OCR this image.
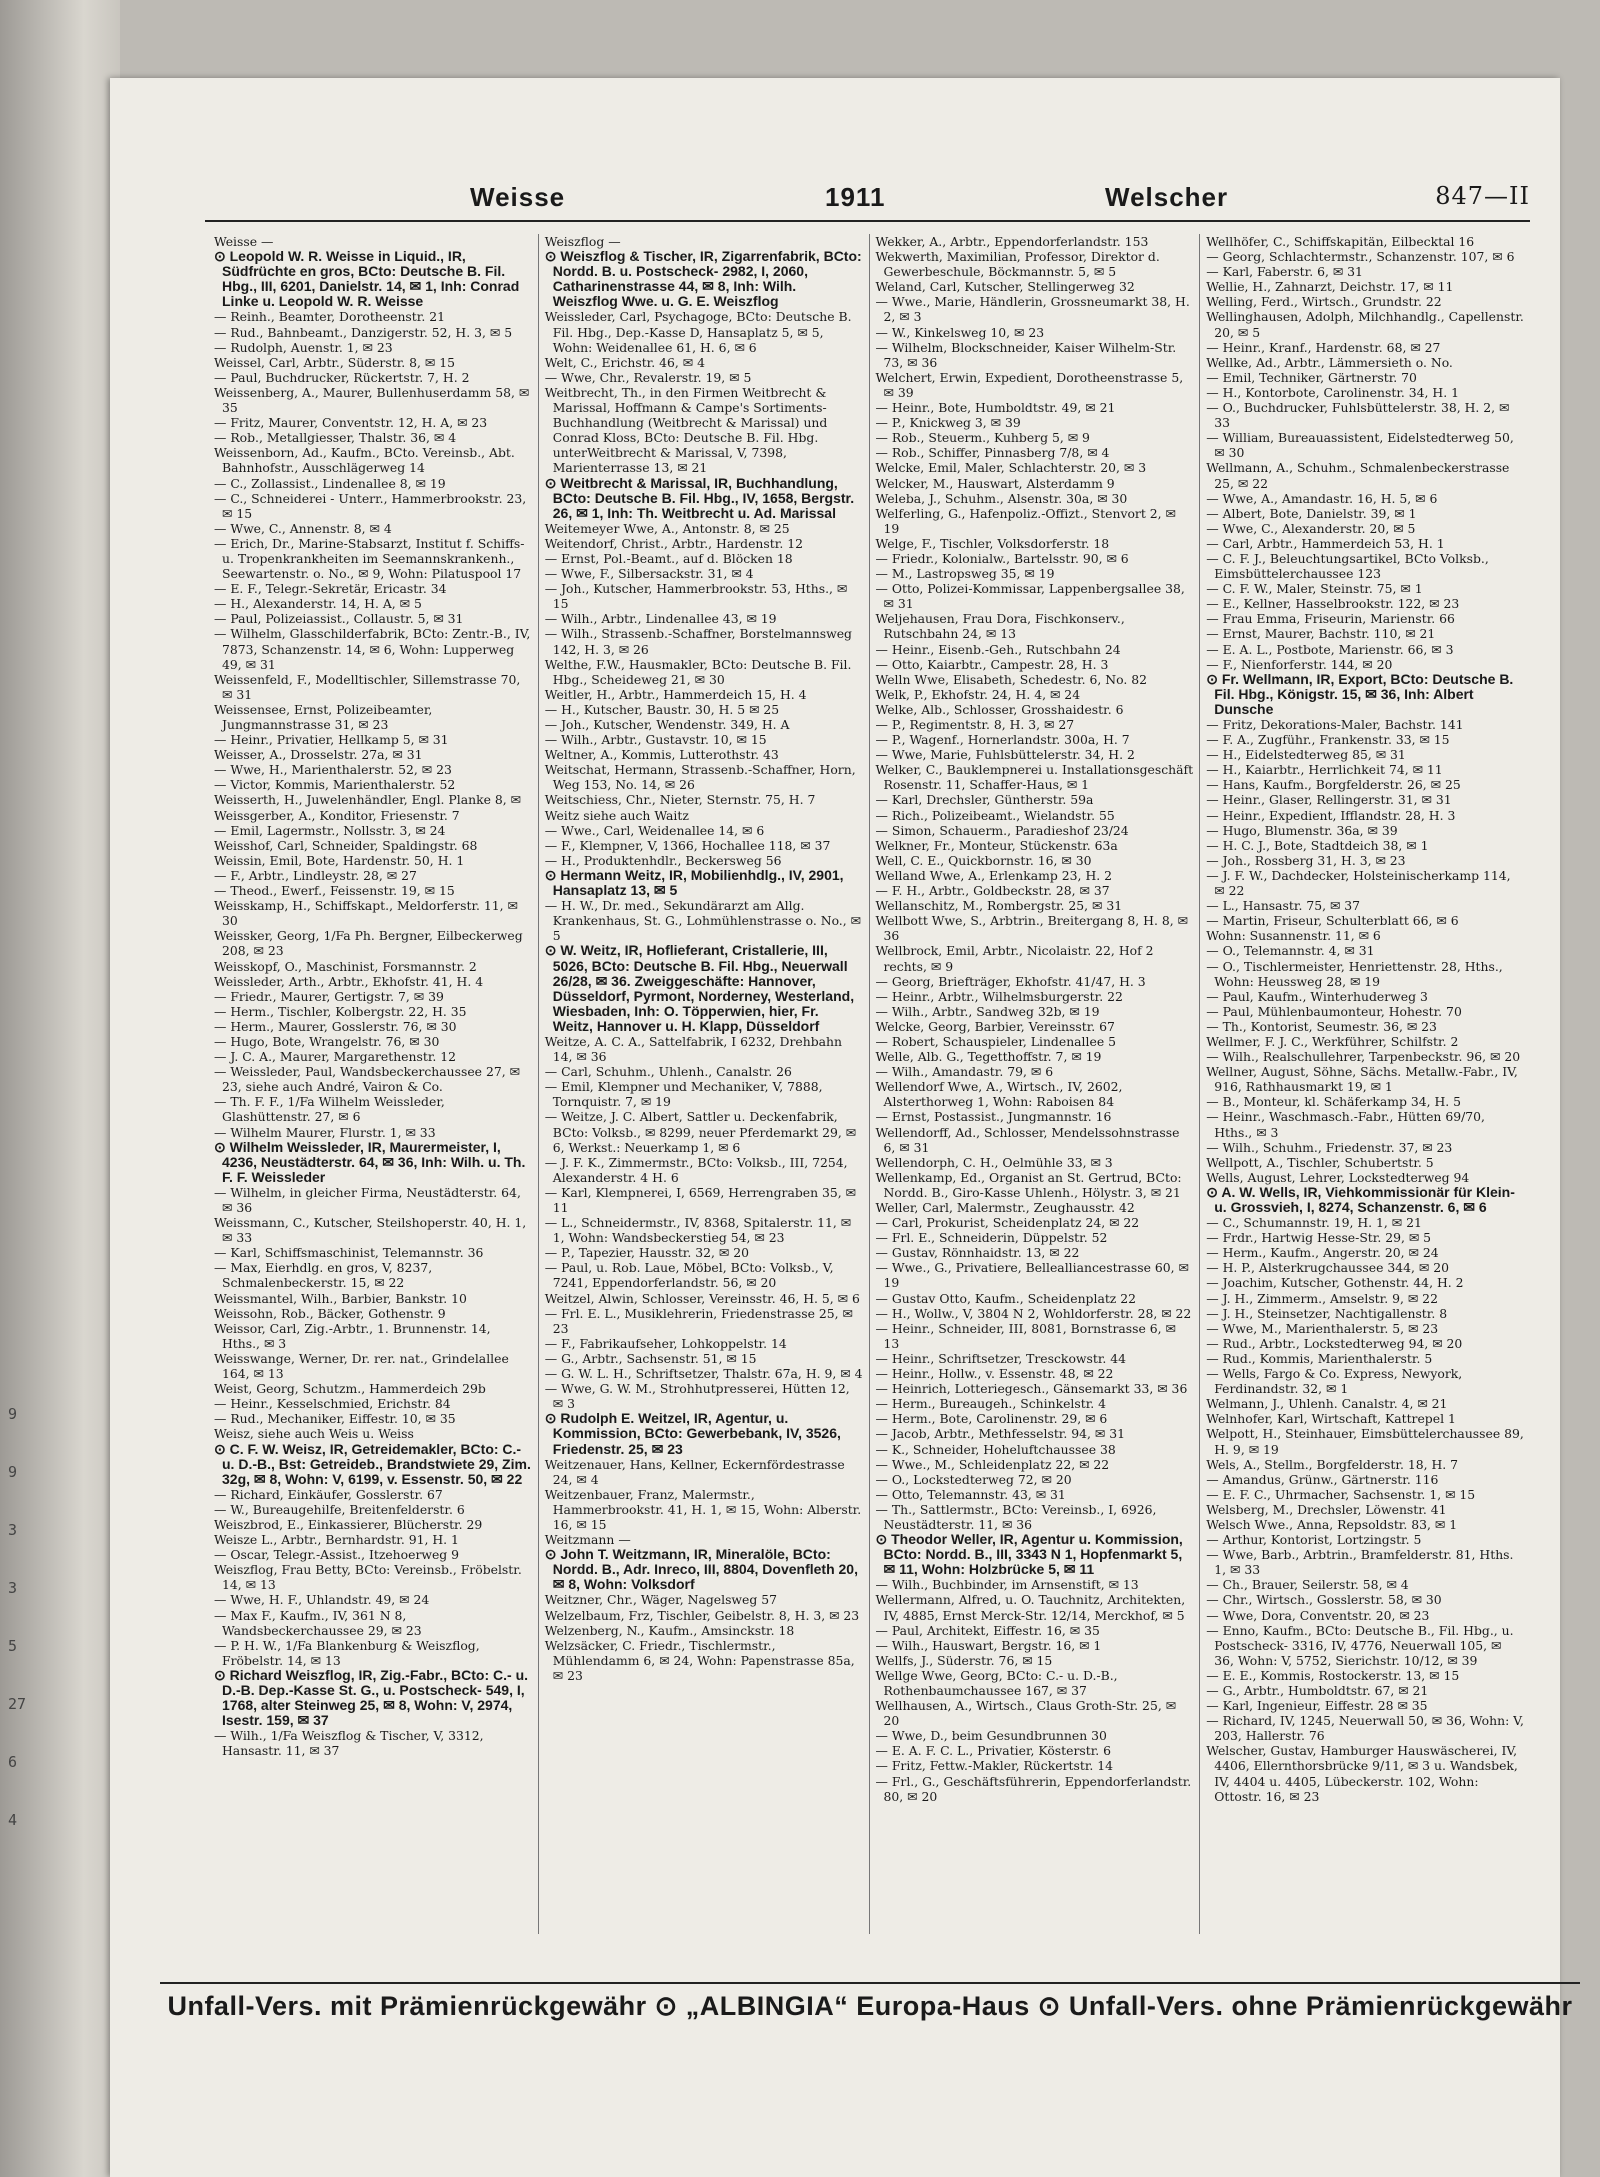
9
9
3
3
5
27
6
4
Weisse	1911	Welscher	847—II

Weisse —

⊙ Leopold W. R. Weisse in Liquid., IR, Südfrüchte en gros, BCto: Deutsche B. Fil. Hbg., III, 6201, Danielstr. 14, ✉ 1, Inh: Conrad Linke u. Leopold W. R. Weisse

— Reinh., Beamter, Dorotheenstr. 21

— Rud., Bahnbeamt., Danzigerstr. 52, H. 3, ✉ 5

— Rudolph, Auenstr. 1, ✉ 23

Weissel, Carl, Arbtr., Süderstr. 8, ✉ 15

— Paul, Buchdrucker, Rückertstr. 7, H. 2

Weissenberg, A., Maurer, Bullenhuserdamm 58, ✉ 35

— Fritz, Maurer, Conventstr. 12, H. A, ✉ 23

— Rob., Metallgiesser, Thalstr. 36, ✉ 4

Weissenborn, Ad., Kaufm., BCto. Vereinsb., Abt. Bahnhofstr., Ausschlägerweg 14

— C., Zollassist., Lindenallee 8, ✉ 19

— C., Schneiderei - Unterr., Hammerbrookstr. 23, ✉ 15

— Wwe, C., Annenstr. 8, ✉ 4

— Erich, Dr., Marine-Stabsarzt, Institut f. Schiffs- u. Tropenkrankheiten im Seemannskrankenh., Seewartenstr. o. No., ✉ 9, Wohn: Pilatuspool 17

— E. F., Telegr.-Sekretär, Ericastr. 34

— H., Alexanderstr. 14, H. A, ✉ 5

— Paul, Polizeiassist., Collaustr. 5, ✉ 31

— Wilhelm, Glasschilderfabrik, BCto: Zentr.-B., IV, 7873, Schanzenstr. 14, ✉ 6, Wohn: Lupperweg 49, ✉ 31

Weissenfeld, F., Modelltischler, Sillemstrasse 70, ✉ 31

Weissensee, Ernst, Polizeibeamter, Jungmannstrasse 31, ✉ 23

— Heinr., Privatier, Hellkamp 5, ✉ 31

Weisser, A., Drosselstr. 27a, ✉ 31

— Wwe, H., Marienthalerstr. 52, ✉ 23

— Victor, Kommis, Marienthalerstr. 52

Weisserth, H., Juwelenhändler, Engl. Planke 8, ✉

Weissgerber, A., Konditor, Friesenstr. 7

— Emil, Lagermstr., Nollsstr. 3, ✉ 24

Weisshof, Carl, Schneider, Spaldingstr. 68

Weissin, Emil, Bote, Hardenstr. 50, H. 1

— F., Arbtr., Lindleystr. 28, ✉ 27

— Theod., Ewerf., Feissenstr. 19, ✉ 15

Weisskamp, H., Schiffskapt., Meldorferstr. 11, ✉ 30

Weissker, Georg, 1/Fa Ph. Bergner, Eilbeckerweg 208, ✉ 23

Weisskopf, O., Maschinist, Forsmannstr. 2

Weissleder, Arth., Arbtr., Ekhofstr. 41, H. 4

— Friedr., Maurer, Gertigstr. 7, ✉ 39

— Herm., Tischler, Kolbergstr. 22, H. 35

— Herm., Maurer, Gosslerstr. 76, ✉ 30

— Hugo, Bote, Wrangelstr. 76, ✉ 30

— J. C. A., Maurer, Margarethenstr. 12

— Weissleder, Paul, Wandsbeckerchaussee 27, ✉ 23, siehe auch André, Vairon & Co.

— Th. F. F., 1/Fa Wilhelm Weissleder, Glashüttenstr. 27, ✉ 6

— Wilhelm Maurer, Flurstr. 1, ✉ 33

⊙ Wilhelm Weissleder, IR, Maurermeister, I, 4236, Neustädterstr. 64, ✉ 36, Inh: Wilh. u. Th. F. F. Weissleder

— Wilhelm, in gleicher Firma, Neustädterstr. 64, ✉ 36

Weissmann, C., Kutscher, Steilshoperstr. 40, H. 1, ✉ 33

— Karl, Schiffsmaschinist, Telemannstr. 36

— Max, Eierhdlg. en gros, V, 8237, Schmalenbeckerstr. 15, ✉ 22

Weissmantel, Wilh., Barbier, Bankstr. 10

Weissohn, Rob., Bäcker, Gothenstr. 9

Weissor, Carl, Zig.-Arbtr., 1. Brunnenstr. 14, Hths., ✉ 3

Weisswange, Werner, Dr. rer. nat., Grindelallee 164, ✉ 13

Weist, Georg, Schutzm., Hammerdeich 29b

— Heinr., Kesselschmied, Erichstr. 84

— Rud., Mechaniker, Eiffestr. 10, ✉ 35

Weisz, siehe auch Weis u. Weiss

⊙ C. F. W. Weisz, IR, Getreidemakler, BCto: C.- u. D.-B., Bst: Getreideb., Brandstwiete 29, Zim. 32g, ✉ 8, Wohn: V, 6199, v. Essenstr. 50, ✉ 22

— Richard, Einkäufer, Gosslerstr. 67

— W., Bureaugehilfe, Breitenfelderstr. 6

Weiszbrod, E., Einkassierer, Blücherstr. 29

Weisze L., Arbtr., Bernhardstr. 91, H. 1

— Oscar, Telegr.-Assist., Itzehoerweg 9

Weiszflog, Frau Betty, BCto: Vereinsb., Fröbelstr. 14, ✉ 13

— Wwe, H. F., Uhlandstr. 49, ✉ 24

— Max F., Kaufm., IV, 361 N 8, Wandsbeckerchaussee 29, ✉ 23

— P. H. W., 1/Fa Blankenburg & Weiszflog, Fröbelstr. 14, ✉ 13

⊙ Richard Weiszflog, IR, Zig.-Fabr., BCto: C.- u. D.-B. Dep.-Kasse St. G., u. Postscheck- 549, I, 1768, alter Steinweg 25, ✉ 8, Wohn: V, 2974, Isestr. 159, ✉ 37

— Wilh., 1/Fa Weiszflog & Tischer, V, 3312, Hansastr. 11, ✉ 37

Weiszflog —

⊙ Weiszflog & Tischer, IR, Zigarrenfabrik, BCto: Nordd. B. u. Postscheck- 2982, I, 2060, Catharinenstrasse 44, ✉ 8, Inh: Wilh. Weiszflog Wwe. u. G. E. Weiszflog

Weissleder, Carl, Psychagoge, BCto: Deutsche B. Fil. Hbg., Dep.-Kasse D, Hansaplatz 5, ✉ 5, Wohn: Weidenallee 61, H. 6, ✉ 6

Welt, C., Erichstr. 46, ✉ 4

— Wwe, Chr., Revalerstr. 19, ✉ 5

Weitbrecht, Th., in den Firmen Weitbrecht & Marissal, Hoffmann & Campe's Sortiments-Buchhandlung (Weitbrecht & Marissal) und Conrad Kloss, BCto: Deutsche B. Fil. Hbg. unterWeitbrecht & Marissal, V, 7398, Marienterrasse 13, ✉ 21

⊙ Weitbrecht & Marissal, IR, Buchhandlung, BCto: Deutsche B. Fil. Hbg., IV, 1658, Bergstr. 26, ✉ 1, Inh: Th. Weitbrecht u. Ad. Marissal

Weitemeyer Wwe, A., Antonstr. 8, ✉ 25

Weitendorf, Christ., Arbtr., Hardenstr. 12

— Ernst, Pol.-Beamt., auf d. Blöcken 18

— Wwe, F., Silbersackstr. 31, ✉ 4

— Joh., Kutscher, Hammerbrookstr. 53, Hths., ✉ 15

— Wilh., Arbtr., Lindenallee 43, ✉ 19

— Wilh., Strassenb.-Schaffner, Borstelmannsweg 142, H. 3, ✉ 26

Welthe, F.W., Hausmakler, BCto: Deutsche B. Fil. Hbg., Scheideweg 21, ✉ 30

Weitler, H., Arbtr., Hammerdeich 15, H. 4

— H., Kutscher, Baustr. 30, H. 5 ✉ 25

— Joh., Kutscher, Wendenstr. 349, H. A

— Wilh., Arbtr., Gustavstr. 10, ✉ 15

Weltner, A., Kommis, Lutterothstr. 43

Weitschat, Hermann, Strassenb.-Schaffner, Horn, Weg 153, No. 14, ✉ 26

Weitschiess, Chr., Nieter, Sternstr. 75, H. 7

Weitz siehe auch Waitz

— Wwe., Carl, Weidenallee 14, ✉ 6

— F., Klempner, V, 1366, Hochallee 118, ✉ 37

— H., Produktenhdlr., Beckersweg 56

⊙ Hermann Weitz, IR, Mobilienhdlg., IV, 2901, Hansaplatz 13, ✉ 5

— H. W., Dr. med., Sekundärarzt am Allg. Krankenhaus, St. G., Lohmühlenstrasse o. No., ✉ 5

⊙ W. Weitz, IR, Hoflieferant, Cristallerie, III, 5026, BCto: Deutsche B. Fil. Hbg., Neuerwall 26/28, ✉ 36. Zweiggeschäfte: Hannover, Düsseldorf, Pyrmont, Norderney, Westerland, Wiesbaden, Inh: O. Töpperwien, hier, Fr. Weitz, Hannover u. H. Klapp, Düsseldorf

Weitze, A. C. A., Sattelfabrik, I 6232, Drehbahn 14, ✉ 36

— Carl, Schuhm., Uhlenh., Canalstr. 26

— Emil, Klempner und Mechaniker, V, 7888, Tornquistr. 7, ✉ 19

— Weitze, J. C. Albert, Sattler u. Deckenfabrik, BCto: Volksb., ✉ 8299, neuer Pferdemarkt 29, ✉ 6, Werkst.: Neuerkamp 1, ✉ 6

— J. F. K., Zimmermstr., BCto: Volksb., III, 7254, Alexanderstr. 4 H. 6

— Karl, Klempnerei, I, 6569, Herrengraben 35, ✉ 11

— L., Schneidermstr., IV, 8368, Spitalerstr. 11, ✉ 1, Wohn: Wandsbeckerstieg 54, ✉ 23

— P., Tapezier, Hausstr. 32, ✉ 20

— Paul, u. Rob. Laue, Möbel, BCto: Volksb., V, 7241, Eppendorferlandstr. 56, ✉ 20

Weitzel, Alwin, Schlosser, Vereinsstr. 46, H. 5, ✉ 6

— Frl. E. L., Musiklehrerin, Friedenstrasse 25, ✉ 23

— F., Fabrikaufseher, Lohkoppelstr. 14

— G., Arbtr., Sachsenstr. 51, ✉ 15

— G. W. L. H., Schriftsetzer, Thalstr. 67a, H. 9, ✉ 4

— Wwe, G. W. M., Strohhutpresserei, Hütten 12, ✉ 3

⊙ Rudolph E. Weitzel, IR, Agentur, u. Kommission, BCto: Gewerbebank, IV, 3526, Friedenstr. 25, ✉ 23

Weitzenauer, Hans, Kellner, Eckernfördestrasse 24, ✉ 4

Weitzenbauer, Franz, Malermstr., Hammerbrookstr. 41, H. 1, ✉ 15, Wohn: Alberstr. 16, ✉ 15

Weitzmann —

⊙ John T. Weitzmann, IR, Mineralöle, BCto: Nordd. B., Adr. Inreco, III, 8804, Dovenfleth 20, ✉ 8, Wohn: Volksdorf

Weitzner, Chr., Wäger, Nagelsweg 57

Welzelbaum, Frz, Tischler, Geibelstr. 8, H. 3, ✉ 23

Welzenberg, N., Kaufm., Amsinckstr. 18

Welzsäcker, C. Friedr., Tischlermstr., Mühlendamm 6, ✉ 24, Wohn: Papenstrasse 85a, ✉ 23

Wekker, A., Arbtr., Eppendorferlandstr. 153

Wekwerth, Maximilian, Professor, Direktor d. Gewerbeschule, Böckmannstr. 5, ✉ 5

Weland, Carl, Kutscher, Stellingerweg 32

— Wwe., Marie, Händlerin, Grossneumarkt 38, H. 2, ✉ 3

— W., Kinkelsweg 10, ✉ 23

— Wilhelm, Blockschneider, Kaiser Wilhelm-Str. 73, ✉ 36

Welchert, Erwin, Expedient, Dorotheenstrasse 5, ✉ 39

— Heinr., Bote, Humboldtstr. 49, ✉ 21

— P., Knickweg 3, ✉ 39

— Rob., Steuerm., Kuhberg 5, ✉ 9

— Rob., Schiffer, Pinnasberg 7/8, ✉ 4

Welcke, Emil, Maler, Schlachterstr. 20, ✉ 3

Welcker, M., Hauswart, Alsterdamm 9

Weleba, J., Schuhm., Alsenstr. 30a, ✉ 30

Welferling, G., Hafenpoliz.-Offizt., Stenvort 2, ✉ 19

Welge, F., Tischler, Volksdorferstr. 18

— Friedr., Kolonialw., Bartelsstr. 90, ✉ 6

— M., Lastropsweg 35, ✉ 19

— Otto, Polizei-Kommissar, Lappenbergsallee 38, ✉ 31

Weljehausen, Frau Dora, Fischkonserv., Rutschbahn 24, ✉ 13

— Heinr., Eisenb.-Geh., Rutschbahn 24

— Otto, Kaiarbtr., Campestr. 28, H. 3

Welln Wwe, Elisabeth, Schedestr. 6, No. 82

Welk, P., Ekhofstr. 24, H. 4, ✉ 24

Welke, Alb., Schlosser, Grosshaidestr. 6

— P., Regimentstr. 8, H. 3, ✉ 27

— P., Wagenf., Hornerlandstr. 300a, H. 7

— Wwe, Marie, Fuhlsbüttelerstr. 34, H. 2

Welker, C., Bauklempnerei u. Installationsgeschäft Rosenstr. 11, Schaffer-Haus, ✉ 1

— Karl, Drechsler, Güntherstr. 59a

— Rich., Polizeibeamt., Wielandstr. 55

— Simon, Schauerm., Paradieshof 23/24

Welkner, Fr., Monteur, Stückenstr. 63a

Well, C. E., Quickbornstr. 16, ✉ 30

Welland Wwe, A., Erlenkamp 23, H. 2

— F. H., Arbtr., Goldbeckstr. 28, ✉ 37

Wellanschitz, M., Rombergstr. 25, ✉ 31

Wellbott Wwe, S., Arbtrin., Breitergang 8, H. 8, ✉ 36

Wellbrock, Emil, Arbtr., Nicolaistr. 22, Hof 2 rechts, ✉ 9

— Georg, Briefträger, Ekhofstr. 41/47, H. 3

— Heinr., Arbtr., Wilhelmsburgerstr. 22

— Wilh., Arbtr., Sandweg 32b, ✉ 19

Welcke, Georg, Barbier, Vereinsstr. 67

— Robert, Schauspieler, Lindenallee 5

Welle, Alb. G., Tegetthoffstr. 7, ✉ 19

— Wilh., Amandastr. 79, ✉ 6

Wellendorf Wwe, A., Wirtsch., IV, 2602, Alsterthorweg 1, Wohn: Raboisen 84

— Ernst, Postassist., Jungmannstr. 16

Wellendorff, Ad., Schlosser, Mendelssohnstrasse 6, ✉ 31

Wellendorph, C. H., Oelmühle 33, ✉ 3

Wellenkamp, Ed., Organist an St. Gertrud, BCto: Nordd. B., Giro-Kasse Uhlenh., Hölystr. 3, ✉ 21

Weller, Carl, Malermstr., Zeughausstr. 42

— Carl, Prokurist, Scheidenplatz 24, ✉ 22

— Frl. E., Schneiderin, Düppelstr. 52

— Gustav, Rönnhaidstr. 13, ✉ 22

— Wwe., G., Privatiere, Bellealliancestrasse 60, ✉ 19

— Gustav Otto, Kaufm., Scheidenplatz 22

— H., Wollw., V, 3804 N 2, Wohldorferstr. 28, ✉ 22

— Heinr., Schneider, III, 8081, Bornstrasse 6, ✉ 13

— Heinr., Schriftsetzer, Tresckowstr. 44

— Heinr., Hollw., v. Essenstr. 48, ✉ 22

— Heinrich, Lotteriegesch., Gänsemarkt 33, ✉ 36

— Herm., Bureaugeh., Schinkelstr. 4

— Herm., Bote, Carolinenstr. 29, ✉ 6

— Jacob, Arbtr., Methfesselstr. 94, ✉ 31

— K., Schneider, Hoheluftchaussee 38

— Wwe., M., Schleidenplatz 22, ✉ 22

— O., Lockstedterweg 72, ✉ 20

— Otto, Telemannstr. 43, ✉ 31

— Th., Sattlermstr., BCto: Vereinsb., I, 6926, Neustädterstr. 11, ✉ 36

⊙ Theodor Weller, IR, Agentur u. Kommission, BCto: Nordd. B., III, 3343 N 1, Hopfenmarkt 5, ✉ 11, Wohn: Holzbrücke 5, ✉ 11

— Wilh., Buchbinder, im Arnsenstift, ✉ 13

Wellermann, Alfred, u. O. Tauchnitz, Architekten, IV, 4885, Ernst Merck-Str. 12/14, Merckhof, ✉ 5

— Paul, Architekt, Eiffestr. 16, ✉ 35

— Wilh., Hauswart, Bergstr. 16, ✉ 1

Wellfs, J., Süderstr. 76, ✉ 15

Wellge Wwe, Georg, BCto: C.- u. D.-B., Rothenbaumchaussee 167, ✉ 37

Wellhausen, A., Wirtsch., Claus Groth-Str. 25, ✉ 20

— Wwe, D., beim Gesundbrunnen 30

— E. A. F. C. L., Privatier, Kösterstr. 6

— Fritz, Fettw.-Makler, Rückertstr. 14

— Frl., G., Geschäftsführerin, Eppendorferlandstr. 80, ✉ 20

Wellhöfer, C., Schiffskapitän, Eilbecktal 16

— Georg, Schlachtermstr., Schanzenstr. 107, ✉ 6

— Karl, Faberstr. 6, ✉ 31

Wellie, H., Zahnarzt, Deichstr. 17, ✉ 11

Welling, Ferd., Wirtsch., Grundstr. 22

Wellinghausen, Adolph, Milchhandlg., Capellenstr. 20, ✉ 5

— Heinr., Kranf., Hardenstr. 68, ✉ 27

Wellke, Ad., Arbtr., Lämmersieth o. No.

— Emil, Techniker, Gärtnerstr. 70

— H., Kontorbote, Carolinenstr. 34, H. 1

— O., Buchdrucker, Fuhlsbüttelerstr. 38, H. 2, ✉ 33

— William, Bureauassistent, Eidelstedterweg 50, ✉ 30

Wellmann, A., Schuhm., Schmalenbeckerstrasse 25, ✉ 22

— Wwe, A., Amandastr. 16, H. 5, ✉ 6

— Albert, Bote, Danielstr. 39, ✉ 1

— Wwe, C., Alexanderstr. 20, ✉ 5

— Carl, Arbtr., Hammerdeich 53, H. 1

— C. F. J., Beleuchtungsartikel, BCto Volksb., Eimsbüttelerchaussee 123

— C. F. W., Maler, Steinstr. 75, ✉ 1

— E., Kellner, Hasselbrookstr. 122, ✉ 23

— Frau Emma, Friseurin, Marienstr. 66

— Ernst, Maurer, Bachstr. 110, ✉ 21

— E. A. L., Postbote, Marienstr. 66, ✉ 3

— F., Nienforferstr. 144, ✉ 20

⊙ Fr. Wellmann, IR, Export, BCto: Deutsche B. Fil. Hbg., Königstr. 15, ✉ 36, Inh: Albert Dunsche

— Fritz, Dekorations-Maler, Bachstr. 141

— F. A., Zugführ., Frankenstr. 33, ✉ 15

— H., Eidelstedterweg 85, ✉ 31

— H., Kaiarbtr., Herrlichkeit 74, ✉ 11

— Hans, Kaufm., Borgfelderstr. 26, ✉ 25

— Heinr., Glaser, Rellingerstr. 31, ✉ 31

— Heinr., Expedient, Ifflandstr. 28, H. 3

— Hugo, Blumenstr. 36a, ✉ 39

— H. C. J., Bote, Stadtdeich 38, ✉ 1

— Joh., Rossberg 31, H. 3, ✉ 23

— J. F. W., Dachdecker, Holsteinischerkamp 114, ✉ 22

— L., Hansastr. 75, ✉ 37

— Martin, Friseur, Schulterblatt 66, ✉ 6

Wohn: Susannenstr. 11, ✉ 6

— O., Telemannstr. 4, ✉ 31

— O., Tischlermeister, Henriettenstr. 28, Hths., Wohn: Heussweg 28, ✉ 19

— Paul, Kaufm., Winterhuderweg 3

— Paul, Mühlenbaumonteur, Hohestr. 70

— Th., Kontorist, Seumestr. 36, ✉ 23

Wellmer, F. J. C., Werkführer, Schilfstr. 2

— Wilh., Realschullehrer, Tarpenbeckstr. 96, ✉ 20

Wellner, August, Söhne, Sächs. Metallw.-Fabr., IV, 916, Rathhausmarkt 19, ✉ 1

— B., Monteur, kl. Schäferkamp 34, H. 5

— Heinr., Waschmasch.-Fabr., Hütten 69/70, Hths., ✉ 3

— Wilh., Schuhm., Friedenstr. 37, ✉ 23

Wellpott, A., Tischler, Schubertstr. 5

Wells, August, Lehrer, Lockstedterweg 94

⊙ A. W. Wells, IR, Viehkommissionär für Klein- u. Grossvieh, I, 8274, Schanzenstr. 6, ✉ 6

— C., Schumannstr. 19, H. 1, ✉ 21

— Frdr., Hartwig Hesse-Str. 29, ✉ 5

— Herm., Kaufm., Angerstr. 20, ✉ 24

— H. P., Alsterkrugchaussee 344, ✉ 20

— Joachim, Kutscher, Gothenstr. 44, H. 2

— J. H., Zimmerm., Amselstr. 9, ✉ 22

— J. H., Steinsetzer, Nachtigallenstr. 8

— Wwe, M., Marienthalerstr. 5, ✉ 23

— Rud., Arbtr., Lockstedterweg 94, ✉ 20

— Rud., Kommis, Marienthalerstr. 5

— Wells, Fargo & Co. Express, Newyork, Ferdinandstr. 32, ✉ 1

Welmann, J., Uhlenh. Canalstr. 4, ✉ 21

Welnhofer, Karl, Wirtschaft, Kattrepel 1

Welpott, H., Steinhauer, Eimsbüttelerchaussee 89, H. 9, ✉ 19

Wels, A., Stellm., Borgfelderstr. 18, H. 7

— Amandus, Grünw., Gärtnerstr. 116

— E. F. C., Uhrmacher, Sachsenstr. 1, ✉ 15

Welsberg, M., Drechsler, Löwenstr. 41

Welsch Wwe., Anna, Repsoldstr. 83, ✉ 1

— Arthur, Kontorist, Lortzingstr. 5

— Wwe, Barb., Arbtrin., Bramfelderstr. 81, Hths. 1, ✉ 33

— Ch., Brauer, Seilerstr. 58, ✉ 4

— Chr., Wirtsch., Gosslerstr. 58, ✉ 30

— Wwe, Dora, Conventstr. 20, ✉ 23

— Enno, Kaufm., BCto: Deutsche B., Fil. Hbg., u. Postscheck- 3316, IV, 4776, Neuerwall 105, ✉ 36, Wohn: V, 5752, Sierichstr. 10/12, ✉ 39

— E. E., Kommis, Rostockerstr. 13, ✉ 15

— G., Arbtr., Humboldtstr. 67, ✉ 21

— Karl, Ingenieur, Eiffestr. 28 ✉ 35

— Richard, IV, 1245, Neuerwall 50, ✉ 36, Wohn: V, 203, Hallerstr. 76

Welscher, Gustav, Hamburger Hauswäscherei, IV, 4406, Ellernthorsbrücke 9/11, ✉ 3 u. Wandsbek, IV, 4404 u. 4405, Lübeckerstr. 102, Wohn: Ottostr. 16, ✉ 23

Unfall-Vers. mit Prämienrückgewähr ⊙ „ALBINGIA“ Europa-Haus ⊙ Unfall-Vers. ohne Prämienrückgewähr
